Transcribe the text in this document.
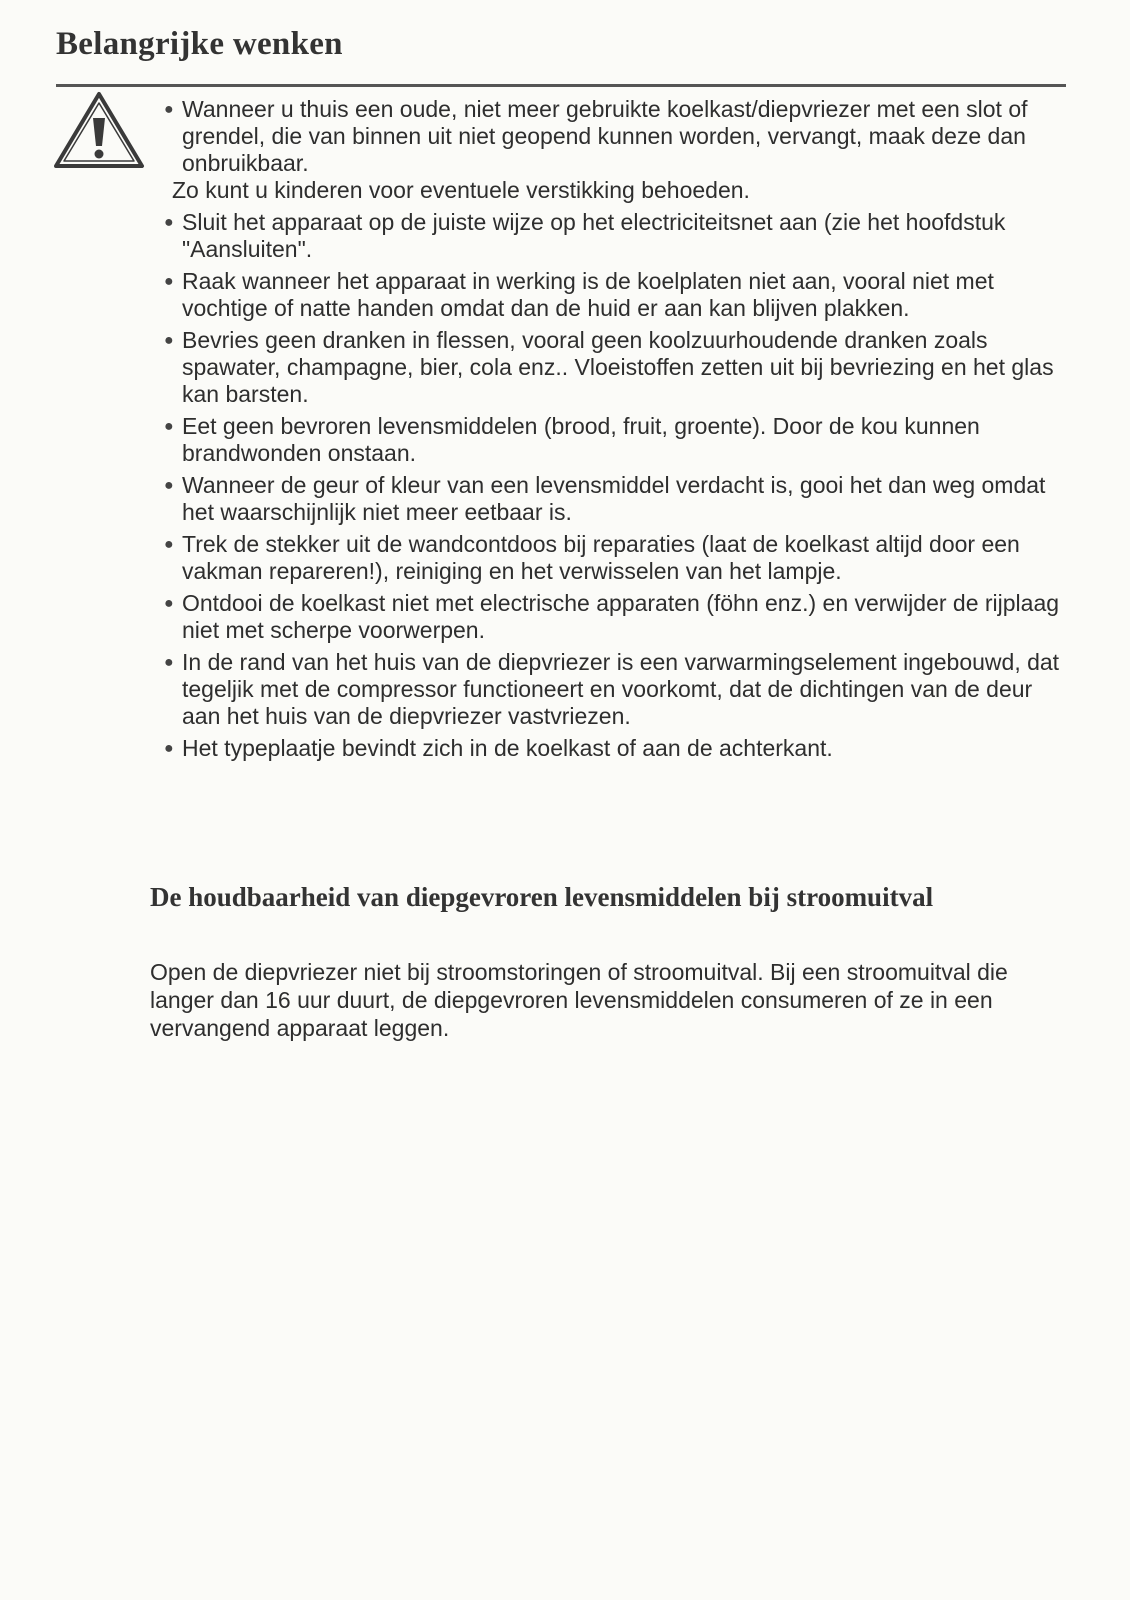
Belangrijke wenken
● Wanneer u thuis een oude, niet meer gebruikte koelkast/diepvriezer met een slot of grendel, die van binnen uit niet geopend kunnen worden, vervangt, maak deze dan onbruikbaar.
Zo kunt u kinderen voor eventuele verstikking behoeden.
● Sluit het apparaat op de juiste wijze op het electriciteitsnet aan (zie het hoofdstuk "Aansluiten".
● Raak wanneer het apparaat in werking is de koelplaten niet aan, vooral niet met vochtige of natte handen omdat dan de huid er aan kan blijven plakken.
● Bevries geen dranken in flessen, vooral geen koolzuurhoudende dranken zoals spawater, champagne, bier, cola enz.. Vloeistoffen zetten uit bij bevriezing en het glas kan barsten.
● Eet geen bevroren levensmiddelen (brood, fruit, groente). Door de kou kunnen brandwonden onstaan.
● Wanneer de geur of kleur van een levensmiddel verdacht is, gooi het dan weg omdat het waarschijnlijk niet meer eetbaar is.
● Trek de stekker uit de wandcontdoos bij reparaties (laat de koelkast altijd door een vakman repareren!), reiniging en het verwisselen van het lampje.
● Ontdooi de koelkast niet met electrische apparaten (föhn enz.) en verwijder de rijplaag niet met scherpe voorwerpen.
● In de rand van het huis van de diepvriezer is een varwarmingselement ingebouwd, dat tegeljik met de compressor functioneert en voorkomt, dat de dichtingen van de deur aan het huis van de diepvriezer vastvriezen.
● Het typeplaatje bevindt zich in de koelkast of aan de achterkant.
De houdbaarheid van diepgevroren levensmiddelen bij stroomuitval

Open de diepvriezer niet bij stroomstoringen of stroomuitval. Bij een stroomuitval die langer dan 16 uur duurt, de diepgevroren levensmiddelen consumeren of ze in een vervangend apparaat leggen.
